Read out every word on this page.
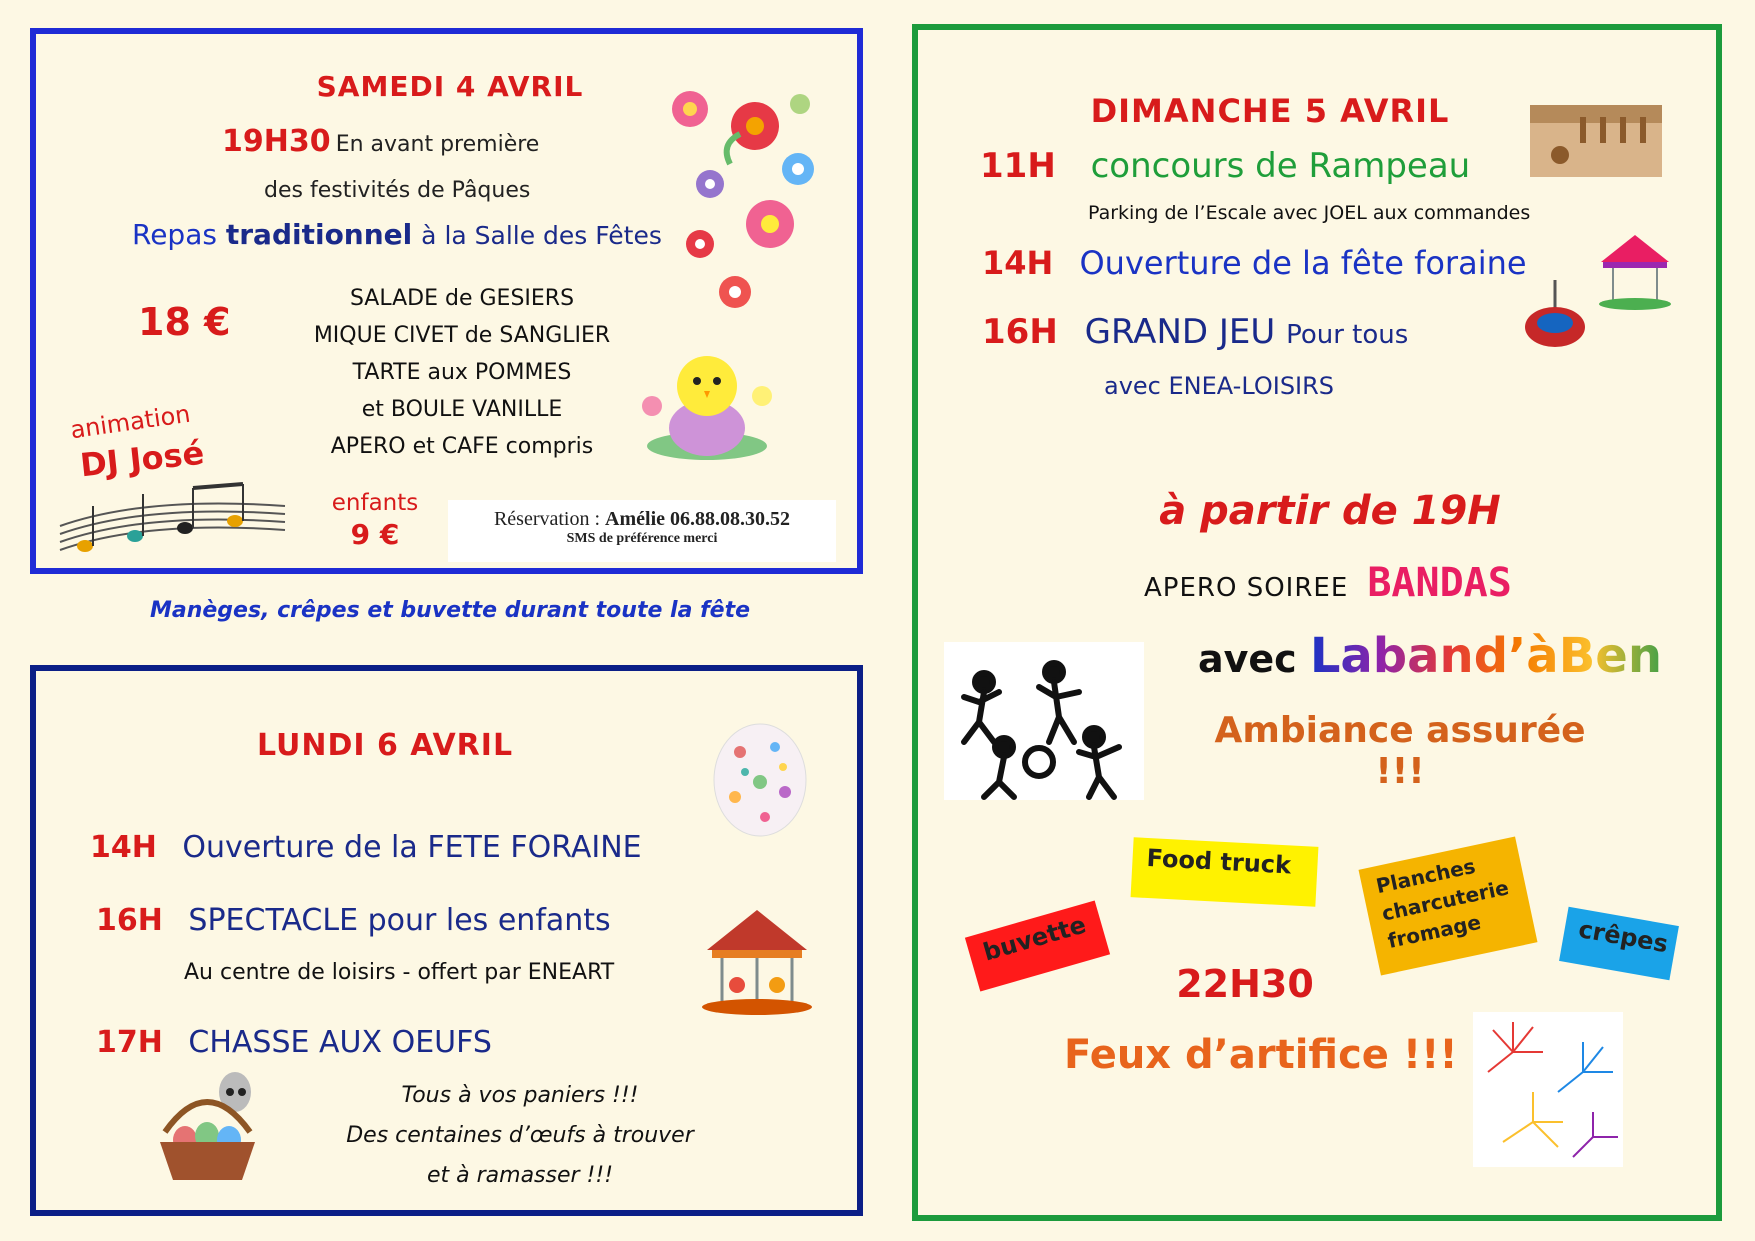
SAMEDI 4 AVRIL
19H30 En avant première
des festivités de Pâques
Repas traditionnel à la Salle des Fêtes
18 €
SALADE de GESIERS
MIQUE CIVET de SANGLIER
TARTE aux POMMES
et BOULE VANILLE
APERO et CAFE compris
animation
DJ José
enfants
9 €	Réservation : Amélie 06.88.08.30.52
SMS de préférence merci
Manèges, crêpes et buvette durant toute la fête
LUNDI 6 AVRIL
14H Ouverture de la FETE FORAINE
16H SPECTACLE pour les enfants
Au centre de loisirs - offert par ENEART
17H CHASSE AUX OEUFS
Tous à vos paniers !!!
Des centaines d’œufs à trouver
et à ramasser !!!
DIMANCHE 5 AVRIL
11H concours de Rampeau
Parking de l’Escale avec JOEL aux commandes
14H Ouverture de la fête foraine
16H GRAND JEU Pour tous
avec ENEA-LOISIRS
à partir de 19H
APERO SOIREE BANDAS
avec Laband’àBen
Ambiance assurée !!!
Food truck	Planches charcuterie fromage
buvette	crêpes
22H30
Feux d’artifice !!!
